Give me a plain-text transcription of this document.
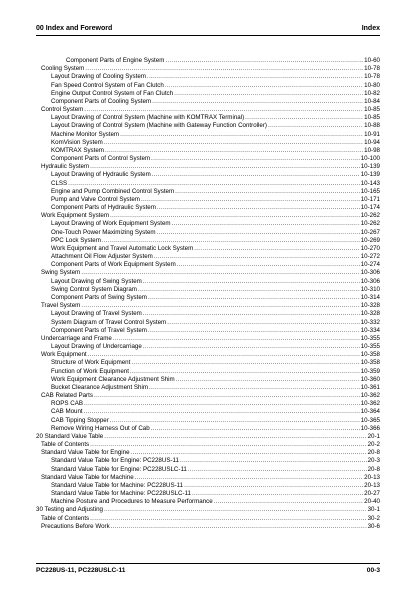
00 Index and Foreword	Index
Component Parts of Engine System .....	10-60
Cooling System .....	10-78
Layout Drawing of Cooling System .....	10-78
Fan Speed Control System of Fan Clutch .....	10-80
Engine Output Control System of Fan Clutch .....	10-82
Component Parts of Cooling System .....	10-84
Control System .....	10-85
Layout Drawing of Control System (Machine with KOMTRAX Terminal) .....	10-85
Layout Drawing of Control System (Machine with Gateway Function Controller) .....	10-88
Machine Monitor System .....	10-91
KomVision System .....	10-94
KOMTRAX System .....	10-98
Component Parts of Control System .....	10-100
Hydraulic System .....	10-139
Layout Drawing of Hydraulic System .....	10-139
CLSS .....	10-143
Engine and Pump Combined Control System .....	10-165
Pump and Valve Control System .....	10-171
Component Parts of Hydraulic System .....	10-174
Work Equipment System .....	10-262
Layout Drawing of Work Equipment System .....	10-262
One-Touch Power Maximizing System .....	10-267
PPC Lock System .....	10-269
Work Equipment and Travel Automatic Lock System .....	10-270
Attachment Oil Flow Adjuster System .....	10-272
Component Parts of Work Equipment System .....	10-274
Swing System .....	10-306
Layout Drawing of Swing System .....	10-306
Swing Control System Diagram .....	10-310
Component Parts of Swing System .....	10-314
Travel System .....	10-328
Layout Drawing of Travel System .....	10-328
System Diagram of Travel Control System .....	10-332
Component Parts of Travel System .....	10-334
Undercarriage and Frame .....	10-355
Layout Drawing of Undercarriage .....	10-355
Work Equipment .....	10-358
Structure of Work Equipment .....	10-358
Function of Work Equipment .....	10-359
Work Equipment Clearance Adjustment Shim .....	10-360
Bucket Clearance Adjustment Shim .....	10-361
CAB Related Parts .....	10-362
ROPS CAB .....	10-362
CAB Mount .....	10-364
CAB Tipping Stopper .....	10-365
Remove Wiring Harness Out of Cab .....	10-366
20 Standard Value Table .....	20-1
Table of Contents .....	20-2
Standard Value Table for Engine .....	20-8
Standard Value Table for Engine: PC228US-11 .....	20-3
Standard Value Table for Engine: PC228USLC-11 .....	20-8
Standard Value Table for Machine .....	20-13
Standard Value Table for Machine: PC228US-11 .....	20-13
Standard Value Table for Machine: PC228USLC-11 .....	20-27
Machine Posture and Procedures to Measure Performance .....	20-40
30 Testing and Adjusting .....	30-1
Table of Contents .....	30-2
Precautions Before Work .....	30-6
PC228US-11, PC228USLC-11	00-3
